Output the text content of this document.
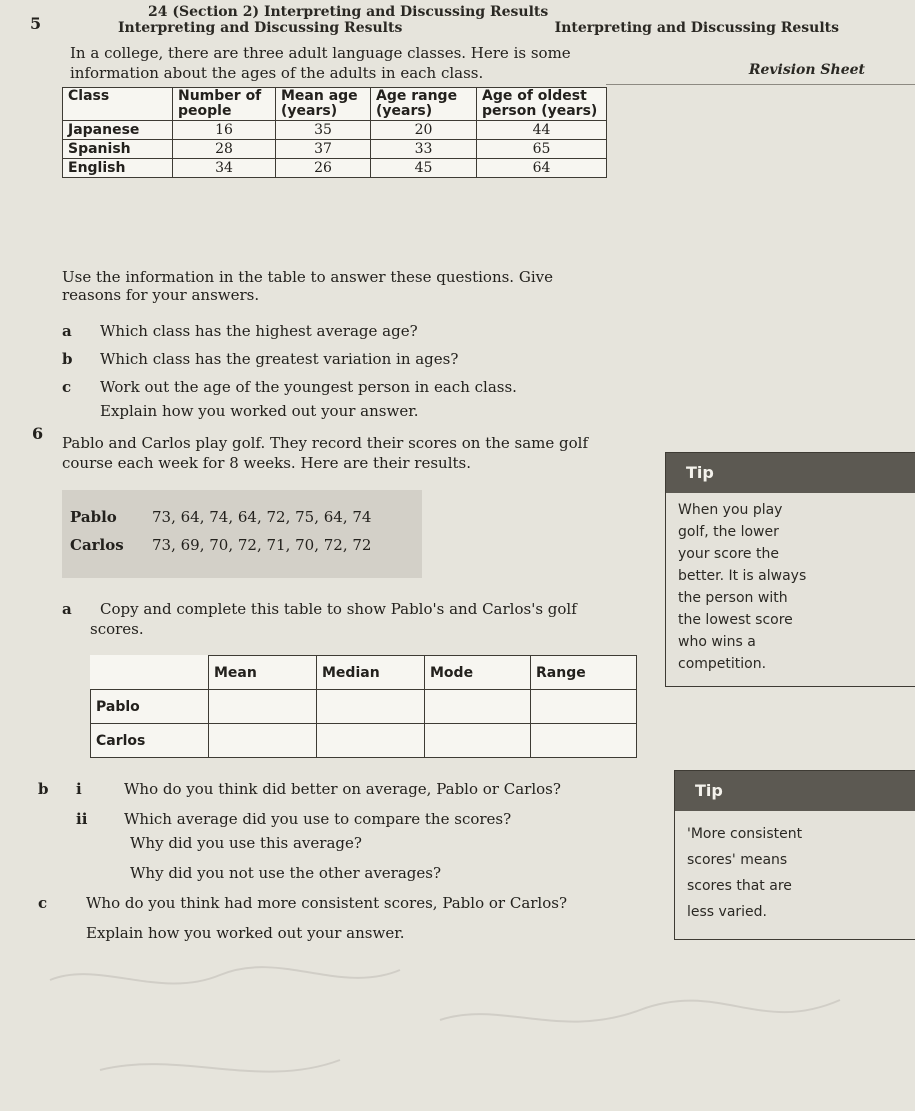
24 (Section 2) Interpreting and Discussing Results
Interpreting and Discussing Results	Interpreting and Discussing Results
Revision Sheet
5
In a college, there are three adult language classes. Here is some
information about the ages of the adults in each class.
Class	Number of people	Mean age (years)	Age range (years)	Age of oldest person (years)
Japanese	16	35	20	44
Spanish	28	37	33	65
English	34	26	45	64
Use the information in the table to answer these questions. Give
reasons for your answers.
a Which class has the highest average age?
b Which class has the greatest variation in ages?
c Work out the age of the youngest person in each class.
Explain how you worked out your answer.
6 Pablo and Carlos play golf. They record their scores on the same golf
course each week for 8 weeks. Here are their results.
Pablo 73, 64, 74, 64, 72, 75, 64, 74
Carlos 73, 69, 70, 72, 71, 70, 72, 72
a Copy and complete this table to show Pablo's and Carlos's golf
scores.
	Mean	Median	Mode	Range
Pablo				
Carlos				
b i	Who do you think did better on average, Pablo or Carlos?
ii Which average did you use to compare the scores?
Why did you use this average?
Why did you not use the other averages?
c	Who do you think had more consistent scores, Pablo or Carlos?
Explain how you worked out your answer.
Tip
When you play
golf, the lower
your score the
better. It is always
the person with
the lowest score
who wins a
competition.
Tip
'More consistent
scores' means
scores that are
less varied.
